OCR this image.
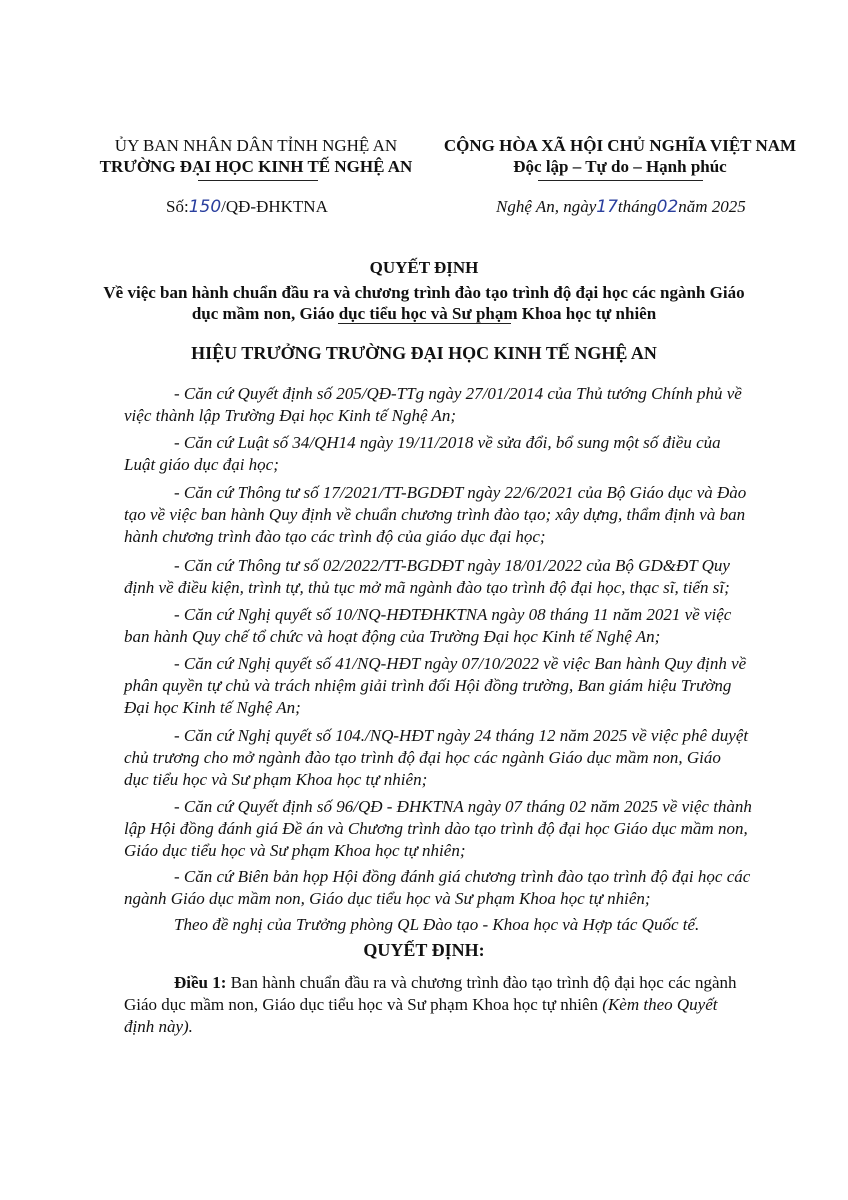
ỦY BAN NHÂN DÂN TỈNH NGHỆ AN
TRƯỜNG ĐẠI HỌC KINH TẾ NGHỆ AN
CỘNG HÒA XÃ HỘI CHỦ NGHĨA VIỆT NAM
Độc lập – Tự do – Hạnh phúc
Số:150/QĐ-ĐHKTNA	Nghệ An, ngày17tháng02năm 2025
QUYẾT ĐỊNH
Về việc ban hành chuẩn đầu ra và chương trình đào tạo trình độ đại học các ngành Giáo
dục mầm non, Giáo dục tiểu học và Sư phạm Khoa học tự nhiên
HIỆU TRƯỞNG TRƯỜNG ĐẠI HỌC KINH TẾ NGHỆ AN
- Căn cứ Quyết định số 205/QĐ-TTg ngày 27/01/2014 của Thủ tướng Chính phủ về
việc thành lập Trường Đại học Kinh tế Nghệ An;
- Căn cứ Luật số 34/QH14 ngày 19/11/2018 về sửa đổi, bổ sung một số điều của
Luật giáo dục đại học;
- Căn cứ Thông tư số 17/2021/TT-BGDĐT ngày 22/6/2021 của Bộ Giáo dục và Đào
tạo về việc ban hành Quy định về chuẩn chương trình đào tạo; xây dựng, thẩm định và ban
hành chương trình đào tạo các trình độ của giáo dục đại học;
- Căn cứ Thông tư số 02/2022/TT-BGDĐT ngày 18/01/2022 của Bộ GD&ĐT Quy
định về điều kiện, trình tự, thủ tục mở mã ngành đào tạo trình độ đại học, thạc sĩ, tiến sĩ;
- Căn cứ Nghị quyết số 10/NQ-HĐTĐHKTNA ngày 08 tháng 11 năm 2021 về việc
ban hành Quy chế tổ chức và hoạt động của Trường Đại học Kinh tế Nghệ An;
- Căn cứ Nghị quyết số 41/NQ-HĐT ngày 07/10/2022 về việc Ban hành Quy định về
phân quyền tự chủ và trách nhiệm giải trình đối Hội đồng trường, Ban giám hiệu Trường
Đại học Kinh tế Nghệ An;
- Căn cứ Nghị quyết số 104./NQ-HĐT ngày 24 tháng 12 năm 2025 về việc phê duyệt
chủ trương cho mở ngành đào tạo trình độ đại học các ngành Giáo dục mầm non, Giáo
dục tiểu học và Sư phạm Khoa học tự nhiên;
- Căn cứ Quyết định số 96/QĐ - ĐHKTNA ngày 07 tháng 02 năm 2025 về việc thành
lập Hội đồng đánh giá Đề án và Chương trình dào tạo trình độ đại học Giáo dục mầm non,
Giáo dục tiểu học và Sư phạm Khoa học tự nhiên;
- Căn cứ Biên bản họp Hội đồng đánh giá chương trình đào tạo trình độ đại học các
ngành Giáo dục mầm non, Giáo dục tiểu học và Sư phạm Khoa học tự nhiên;
Theo đề nghị của Trưởng phòng QL Đào tạo - Khoa học và Hợp tác Quốc tế.
QUYẾT ĐỊNH:
Điều 1: Ban hành chuẩn đầu ra và chương trình đào tạo trình độ đại học các ngành
Giáo dục mầm non, Giáo dục tiểu học và Sư phạm Khoa học tự nhiên (Kèm theo Quyết
định này).
